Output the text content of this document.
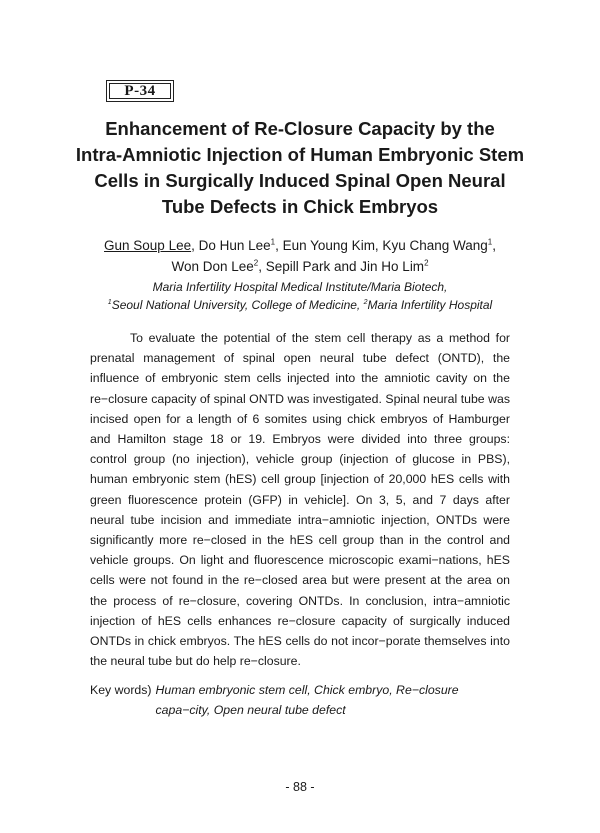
P-34
Enhancement of Re-Closure Capacity by the
Intra-Amniotic Injection of Human Embryonic Stem
Cells in Surgically Induced Spinal Open Neural
Tube Defects in Chick Embryos
Gun Soup Lee, Do Hun Lee$^1$, Eun Young Kim, Kyu Chang Wang$^1$,
Won Don Lee$^2$, Sepill Park and Jin Ho Lim$^2$
Maria Infertility Hospital Medical Institute/Maria Biotech,
$^1$Seoul National University, College of Medicine, $^2$Maria Infertility Hospital

To evaluate the potential of the stem cell therapy as a method for prenatal management of spinal open neural tube defect (ONTD), the influence of embryonic stem cells injected into the amniotic cavity on the re−closure capacity of spinal ONTD was investigated. Spinal neural tube was incised open for a length of 6 somites using chick embryos of Hamburger and Hamilton stage 18 or 19. Embryos were divided into three groups: control group (no injection), vehicle group (injection of glucose in PBS), human embryonic stem (hES) cell group [injection of 20,000 hES cells with green fluorescence protein (GFP) in vehicle]. On 3, 5, and 7 days after neural tube incision and immediate intra−amniotic injection, ONTDs were significantly more re−closed in the hES cell group than in the control and vehicle groups. On light and fluorescence microscopic exami−nations, hES cells were not found in the re−closed area but were present at the area on the process of re−closure, covering ONTDs. In conclusion, intra−amniotic injection of hES cells enhances re−closure capacity of surgically induced ONTDs in chick embryos. The hES cells do not incor−porate themselves into the neural tube but do help re−closure.

Key words) Human embryonic stem cell, Chick embryo, Re−closure capa−city, Open neural tube defect
- 88 -
